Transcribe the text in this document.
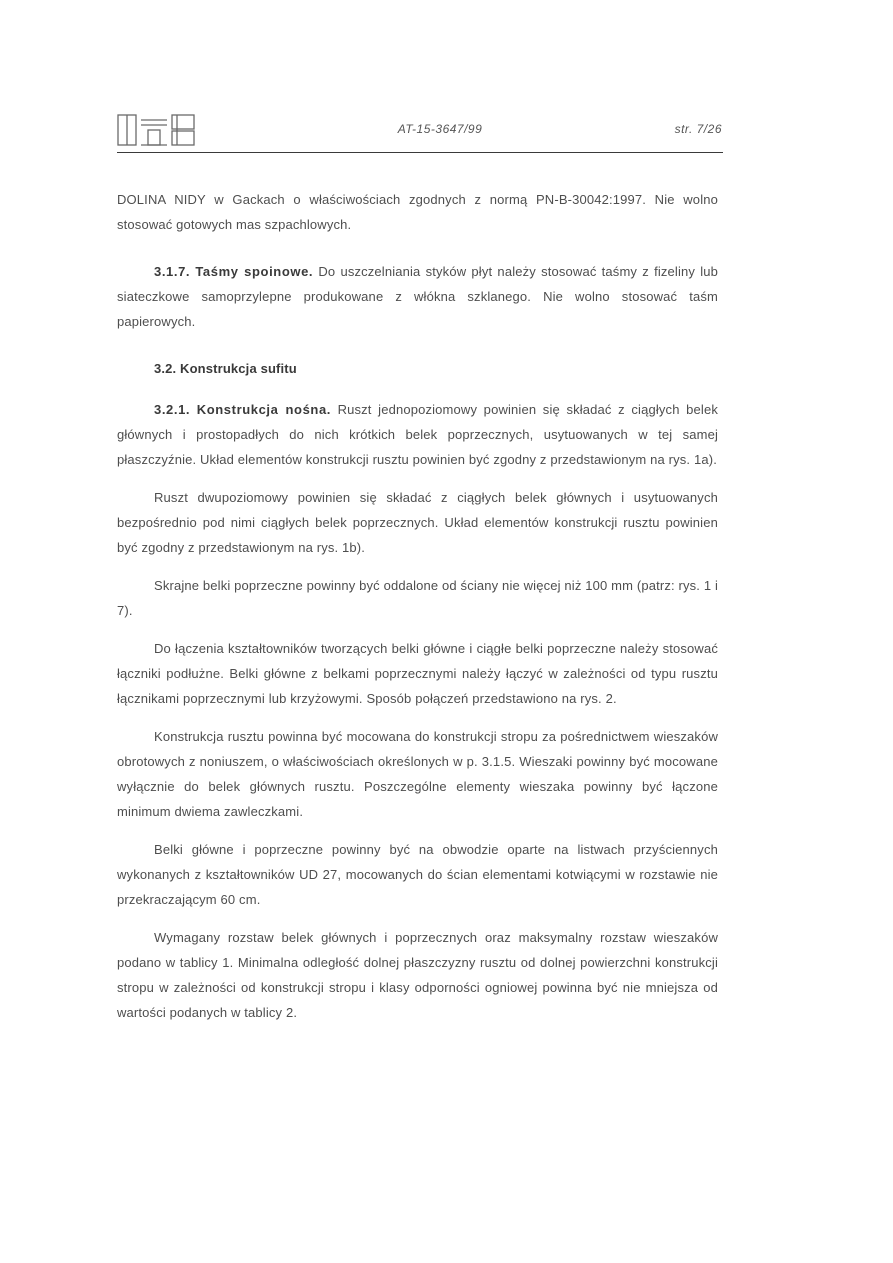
AT-15-3647/99	str. 7/26

DOLINA NIDY w Gackach o właściwościach zgodnych z normą PN-B-30042:1997. Nie wolno stosować gotowych mas szpachlowych.

3.1.7. Taśmy spoinowe. Do uszczelniania styków płyt należy stosować taśmy z fizeliny lub siateczkowe samoprzylepne produkowane z włókna szklanego. Nie wolno stosować taśm papierowych.

3.2. Konstrukcja sufitu

3.2.1. Konstrukcja nośna. Ruszt jednopoziomowy powinien się składać z ciągłych belek głównych i prostopadłych do nich krótkich belek poprzecznych, usytuowanych w tej samej płaszczyźnie. Układ elementów konstrukcji rusztu powinien być zgodny z przedstawionym na rys. 1a).

Ruszt dwupoziomowy powinien się składać z ciągłych belek głównych i usytuowanych bezpośrednio pod nimi ciągłych belek poprzecznych. Układ elementów konstrukcji rusztu powinien być zgodny z przedstawionym na rys. 1b).

Skrajne belki poprzeczne powinny być oddalone od ściany nie więcej niż 100 mm (patrz: rys. 1 i 7).

Do łączenia kształtowników tworzących belki główne i ciągłe belki poprzeczne należy stosować łączniki podłużne. Belki główne z belkami poprzecznymi należy łączyć w zależności od typu rusztu łącznikami poprzecznymi lub krzyżowymi. Sposób połączeń przedstawiono na rys. 2.

Konstrukcja rusztu powinna być mocowana do konstrukcji stropu za pośrednictwem wieszaków obrotowych z noniuszem, o właściwościach określonych w p. 3.1.5. Wieszaki powinny być mocowane wyłącznie do belek głównych rusztu. Poszczególne elementy wieszaka powinny być łączone minimum dwiema zawleczkami.

Belki główne i poprzeczne powinny być na obwodzie oparte na listwach przyściennych wykonanych z kształtowników UD 27, mocowanych do ścian elementami kotwiącymi w rozstawie nie przekraczającym 60 cm.

Wymagany rozstaw belek głównych i poprzecznych oraz maksymalny rozstaw wieszaków podano w tablicy 1. Minimalna odległość dolnej płaszczyzny rusztu od dolnej powierzchni konstrukcji stropu w zależności od konstrukcji stropu i klasy odporności ogniowej powinna być nie mniejsza od wartości podanych w tablicy 2.
